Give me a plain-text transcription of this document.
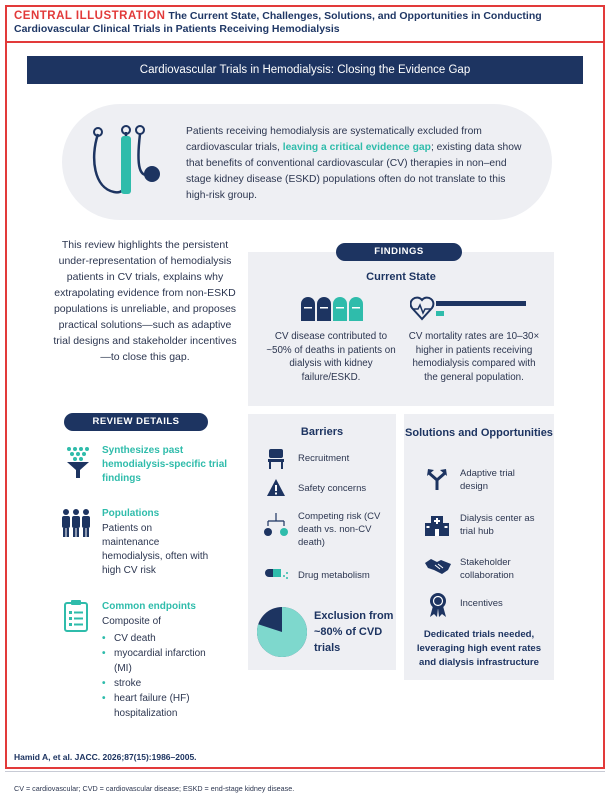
CENTRAL ILLUSTRATION The Current State, Challenges, Solutions, and Opportunities in Conducting Cardiovascular Clinical Trials in Patients Receiving Hemodialysis
Cardiovascular Trials in Hemodialysis: Closing the Evidence Gap
Patients receiving hemodialysis are systematically excluded from cardiovascular trials, leaving a critical evidence gap; existing data show that benefits of conventional cardiovascular (CV) therapies in non–end stage kidney disease (ESKD) populations often do not translate to this high-risk group.
This review highlights the persistent under-representation of hemodialysis patients in CV trials, explains why extrapolating evidence from non-ESKD populations is unreliable, and proposes practical solutions—such as adaptive trial designs and stakeholder incentives—to close this gap.
REVIEW DETAILS
Synthesizes past hemodialysis-specific trial findings
Populations
Patients on maintenance hemodialysis, often with high CV risk
Common endpoints
Composite of
• CV death
• myocardial infarction (MI)
• stroke
• heart failure (HF) hospitalization
FINDINGS
Current State
CV disease contributed to ~50% of deaths in patients on dialysis with kidney failure/ESKD.
CV mortality rates are 10–30× higher in patients receiving hemodialysis compared with the general population.
Barriers
Recruitment
Safety concerns
Competing risk (CV death vs. non-CV death)
Drug metabolism
Exclusion from ~80% of CVD trials
Solutions and Opportunities
Adaptive trial design
Dialysis center as trial hub
Stakeholder collaboration
Incentives
Dedicated trials needed, leveraging high event rates and dialysis infrastructure
Hamid A, et al. JACC. 2026;87(15):1986–2005.
CV = cardiovascular; CVD = cardiovascular disease; ESKD = end-stage kidney disease.
